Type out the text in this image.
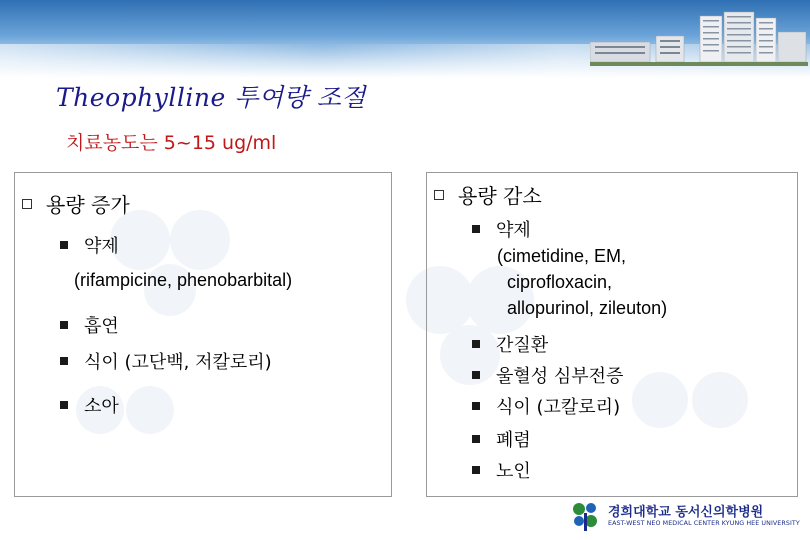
Theophylline 투여량 조절

치료농도는 5~15 ug/ml

용량 증가
약제
(rifampicine, phenobarbital)
흡연
식이 (고단백, 저칼로리)
소아
용량 감소
약제
(cimetidine, EM,
ciprofloxacin,
allopurinol, zileuton)
간질환
울혈성 심부전증
식이 (고칼로리)
폐렴
노인
경희대학교 동서신의학병원
EAST-WEST NEO MEDICAL CENTER KYUNG HEE UNIVERSITY
